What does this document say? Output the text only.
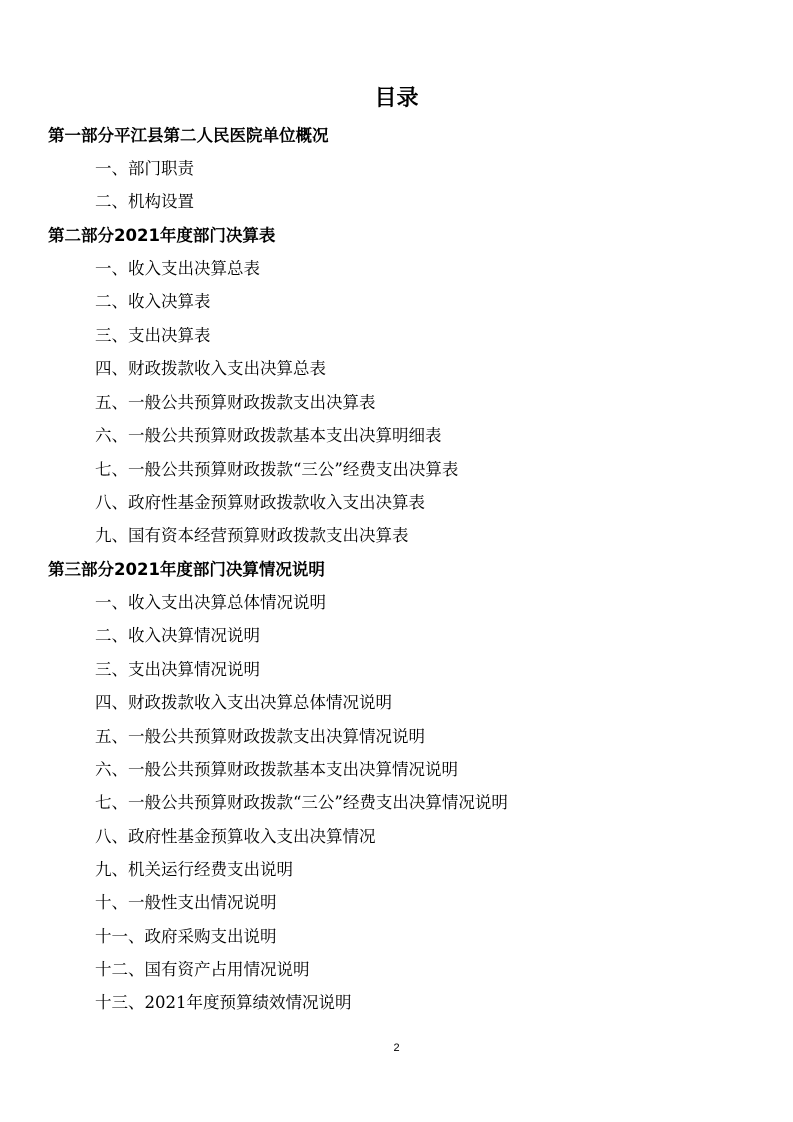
目录
第一部分平江县第二人民医院单位概况
一、部门职责
二、机构设置
第二部分2021年度部门决算表
一、收入支出决算总表
二、收入决算表
三、支出决算表
四、财政拨款收入支出决算总表
五、一般公共预算财政拨款支出决算表
六、一般公共预算财政拨款基本支出决算明细表
七、一般公共预算财政拨款“三公”经费支出决算表
八、政府性基金预算财政拨款收入支出决算表
九、国有资本经营预算财政拨款支出决算表
第三部分2021年度部门决算情况说明
一、收入支出决算总体情况说明
二、收入决算情况说明
三、支出决算情况说明
四、财政拨款收入支出决算总体情况说明
五、一般公共预算财政拨款支出决算情况说明
六、一般公共预算财政拨款基本支出决算情况说明
七、一般公共预算财政拨款“三公”经费支出决算情况说明
八、政府性基金预算收入支出决算情况
九、机关运行经费支出说明
十、一般性支出情况说明
十一、政府采购支出说明
十二、国有资产占用情况说明
十三、2021年度预算绩效情况说明
2
